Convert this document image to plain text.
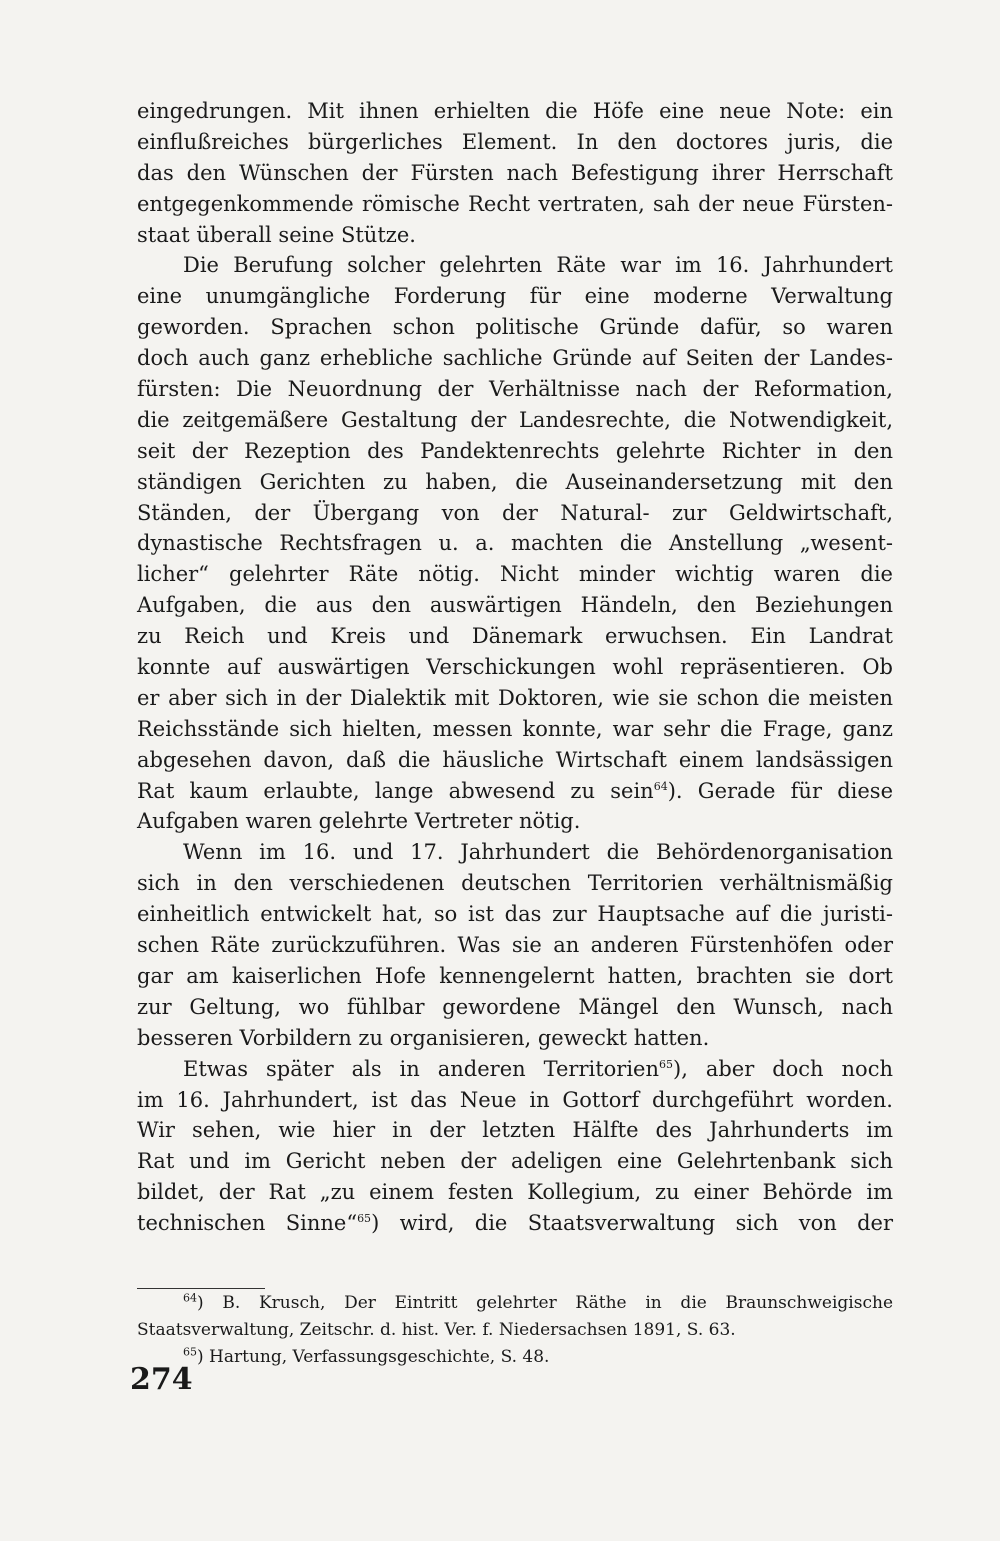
eingedrungen. Mit ihnen erhielten die Höfe eine neue Note: ein
einflußreiches bürgerliches Element. In den doctores juris, die
das den Wünschen der Fürsten nach Befestigung ihrer Herrschaft
entgegenkommende römische Recht vertraten, sah der neue Fürsten-
staat überall seine Stütze.
Die Berufung solcher gelehrten Räte war im 16. Jahrhundert
eine unumgängliche Forderung für eine moderne Verwaltung
geworden. Sprachen schon politische Gründe dafür, so waren
doch auch ganz erhebliche sachliche Gründe auf Seiten der Landes-
fürsten: Die Neuordnung der Verhältnisse nach der Reformation,
die zeitgemäßere Gestaltung der Landesrechte, die Notwendigkeit,
seit der Rezeption des Pandektenrechts gelehrte Richter in den
ständigen Gerichten zu haben, die Auseinandersetzung mit den
Ständen, der Übergang von der Natural- zur Geldwirtschaft,
dynastische Rechtsfragen u. a. machten die Anstellung „wesent-
licher“ gelehrter Räte nötig. Nicht minder wichtig waren die
Aufgaben, die aus den auswärtigen Händeln, den Beziehungen
zu Reich und Kreis und Dänemark erwuchsen. Ein Landrat
konnte auf auswärtigen Verschickungen wohl repräsentieren. Ob
er aber sich in der Dialektik mit Doktoren, wie sie schon die meisten
Reichsstände sich hielten, messen konnte, war sehr die Frage, ganz
abgesehen davon, daß die häusliche Wirtschaft einem landsässigen
Rat kaum erlaubte, lange abwesend zu sein$^{64}$). Gerade für diese
Aufgaben waren gelehrte Vertreter nötig.
Wenn im 16. und 17. Jahrhundert die Behördenorganisation
sich in den verschiedenen deutschen Territorien verhältnismäßig
einheitlich entwickelt hat, so ist das zur Hauptsache auf die juristi-
schen Räte zurückzuführen. Was sie an anderen Fürstenhöfen oder
gar am kaiserlichen Hofe kennengelernt hatten, brachten sie dort
zur Geltung, wo fühlbar gewordene Mängel den Wunsch, nach
besseren Vorbildern zu organisieren, geweckt hatten.
Etwas später als in anderen Territorien$^{65}$), aber doch noch
im 16. Jahrhundert, ist das Neue in Gottorf durchgeführt worden.
Wir sehen, wie hier in der letzten Hälfte des Jahrhunderts im
Rat und im Gericht neben der adeligen eine Gelehrtenbank sich
bildet, der Rat „zu einem festen Kollegium, zu einer Behörde im
technischen Sinne“$^{65}$) wird, die Staatsverwaltung sich von der
$^{64}$) B. Krusch, Der Eintritt gelehrter Räthe in die Braunschweigische
Staatsverwaltung, Zeitschr. d. hist. Ver. f. Niedersachsen 1891, S. 63.
$^{65}$) Hartung, Verfassungsgeschichte, S. 48.
274
